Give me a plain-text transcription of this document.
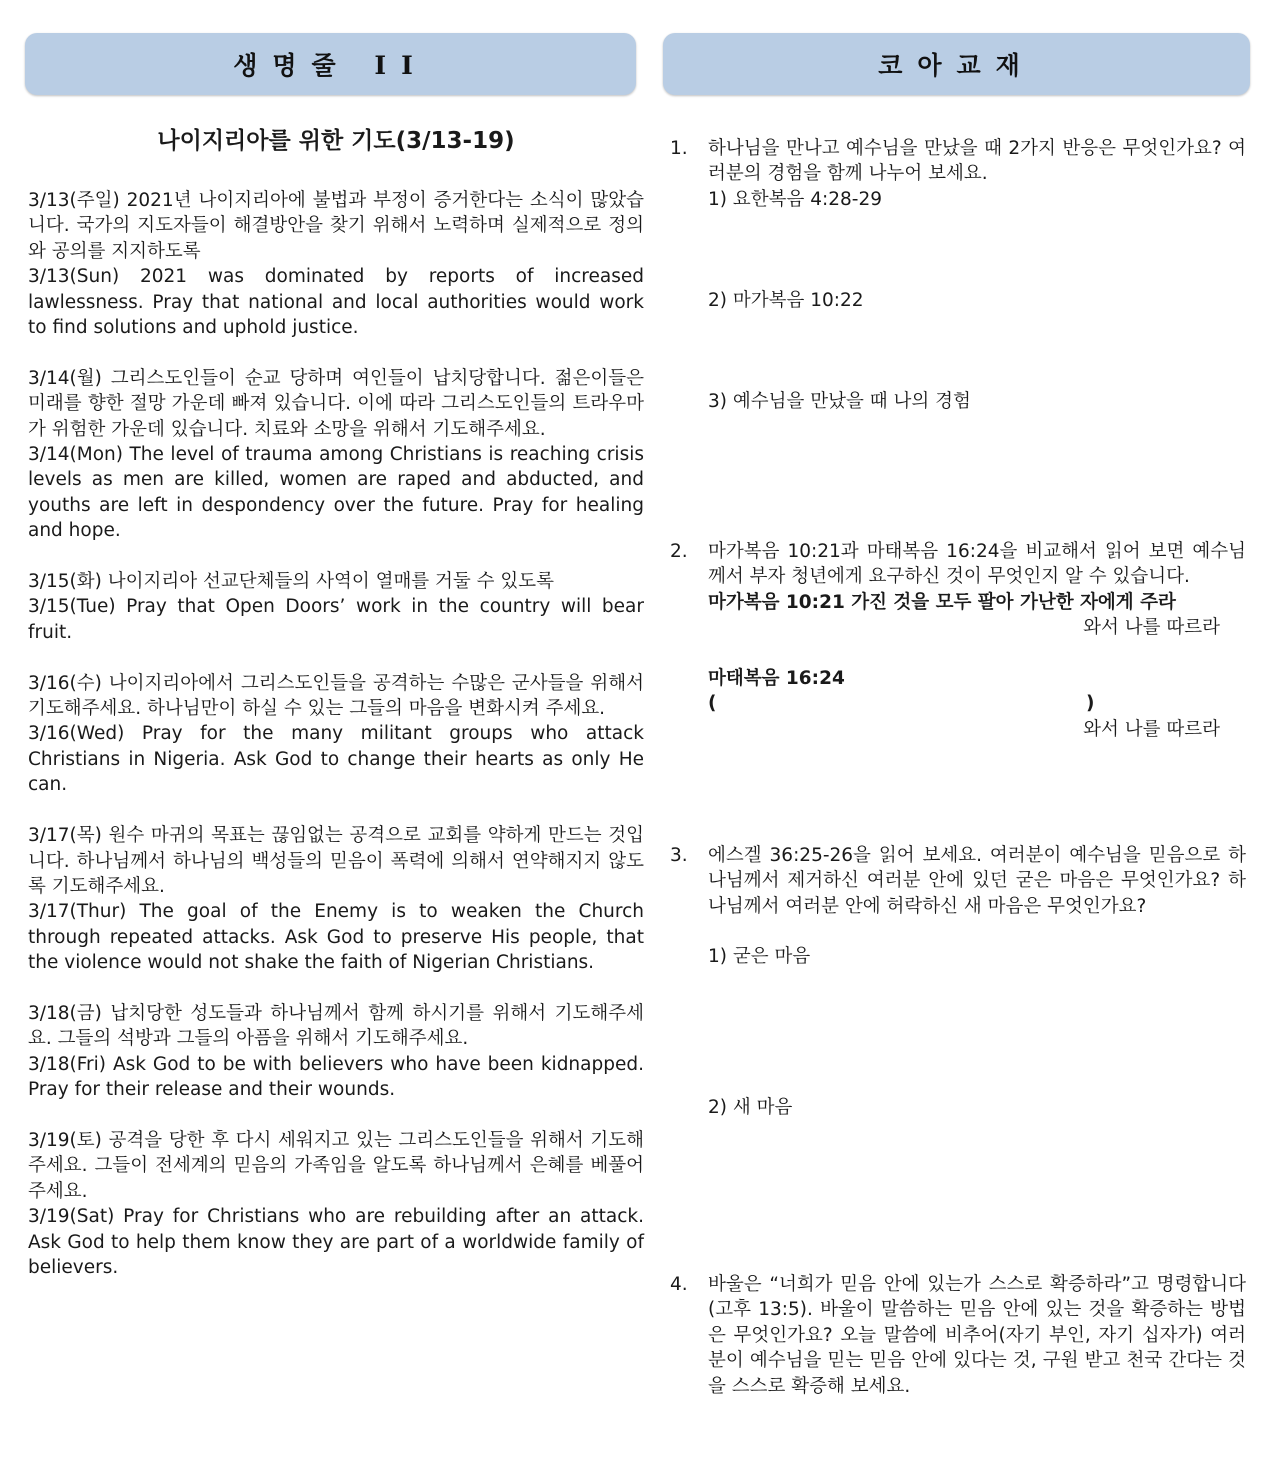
생명줄 II	코아교재
나이지리아를 위한 기도(3/13-19)

3/13(주일) 2021년 나이지리아에 불법과 부정이 증거한다는 소식이 많았습니다. 국가의 지도자들이 해결방안을 찾기 위해서 노력하며 실제적으로 정의와 공의를 지지하도록

3/13(Sun) 2021 was dominated by reports of increased lawlessness. Pray that national and local authorities would work to find solutions and uphold justice.

3/14(월) 그리스도인들이 순교 당하며 여인들이 납치당합니다. 젊은이들은 미래를 향한 절망 가운데 빠져 있습니다. 이에 따라 그리스도인들의 트라우마가 위험한 가운데 있습니다. 치료와 소망을 위해서 기도해주세요.

3/14(Mon) The level of trauma among Christians is reaching crisis levels as men are killed, women are raped and abducted, and youths are left in despondency over the future. Pray for healing and hope.

3/15(화) 나이지리아 선교단체들의 사역이 열매를 거둘 수 있도록

3/15(Tue) Pray that Open Doors’ work in the country will bear fruit.

3/16(수) 나이지리아에서 그리스도인들을 공격하는 수많은 군사들을 위해서 기도해주세요. 하나님만이 하실 수 있는 그들의 마음을 변화시켜 주세요.

3/16(Wed) Pray for the many militant groups who attack Christians in Nigeria. Ask God to change their hearts as only He can.

3/17(목) 원수 마귀의 목표는 끊임없는 공격으로 교회를 약하게 만드는 것입니다. 하나님께서 하나님의 백성들의 믿음이 폭력에 의해서 연약해지지 않도록 기도해주세요.

3/17(Thur) The goal of the Enemy is to weaken the Church through repeated attacks. Ask God to preserve His people, that the violence would not shake the faith of Nigerian Christians.

3/18(금) 납치당한 성도들과 하나님께서 함께 하시기를 위해서 기도해주세요. 그들의 석방과 그들의 아픔을 위해서 기도해주세요.

3/18(Fri) Ask God to be with believers who have been kidnapped. Pray for their release and their wounds.

3/19(토) 공격을 당한 후 다시 세워지고 있는 그리스도인들을 위해서 기도해주세요. 그들이 전세계의 믿음의 가족임을 알도록 하나님께서 은혜를 베풀어주세요.

3/19(Sat) Pray for Christians who are rebuilding after an attack. Ask God to help them know they are part of a worldwide family of believers.

1.	하나님을 만나고 예수님을 만났을 때 2가지 반응은 무엇인가요? 여러분의 경험을 함께 나누어 보세요.
1) 요한복음 4:28-29
2) 마가복음 10:22
3) 예수님을 만났을 때 나의 경험
2.	마가복음 10:21과 마태복음 16:24을 비교해서 읽어 보면 예수님께서 부자 청년에게 요구하신 것이 무엇인지 알 수 있습니다.
마가복음 10:21 가진 것을 모두 팔아 가난한 자에게 주라
와서 나를 따르라
마태복음 16:24
(	)
와서 나를 따르라
3.	에스겔 36:25-26을 읽어 보세요. 여러분이 예수님을 믿음으로 하나님께서 제거하신 여러분 안에 있던 굳은 마음은 무엇인가요? 하나님께서 여러분 안에 허락하신 새 마음은 무엇인가요?
1) 굳은 마음
2) 새 마음
4.	바울은 “너희가 믿음 안에 있는가 스스로 확증하라”고 명령합니다(고후 13:5). 바울이 말씀하는 믿음 안에 있는 것을 확증하는 방법은 무엇인가요? 오늘 말씀에 비추어(자기 부인, 자기 십자가) 여러분이 예수님을 믿는 믿음 안에 있다는 것, 구원 받고 천국 간다는 것을 스스로 확증해 보세요.
